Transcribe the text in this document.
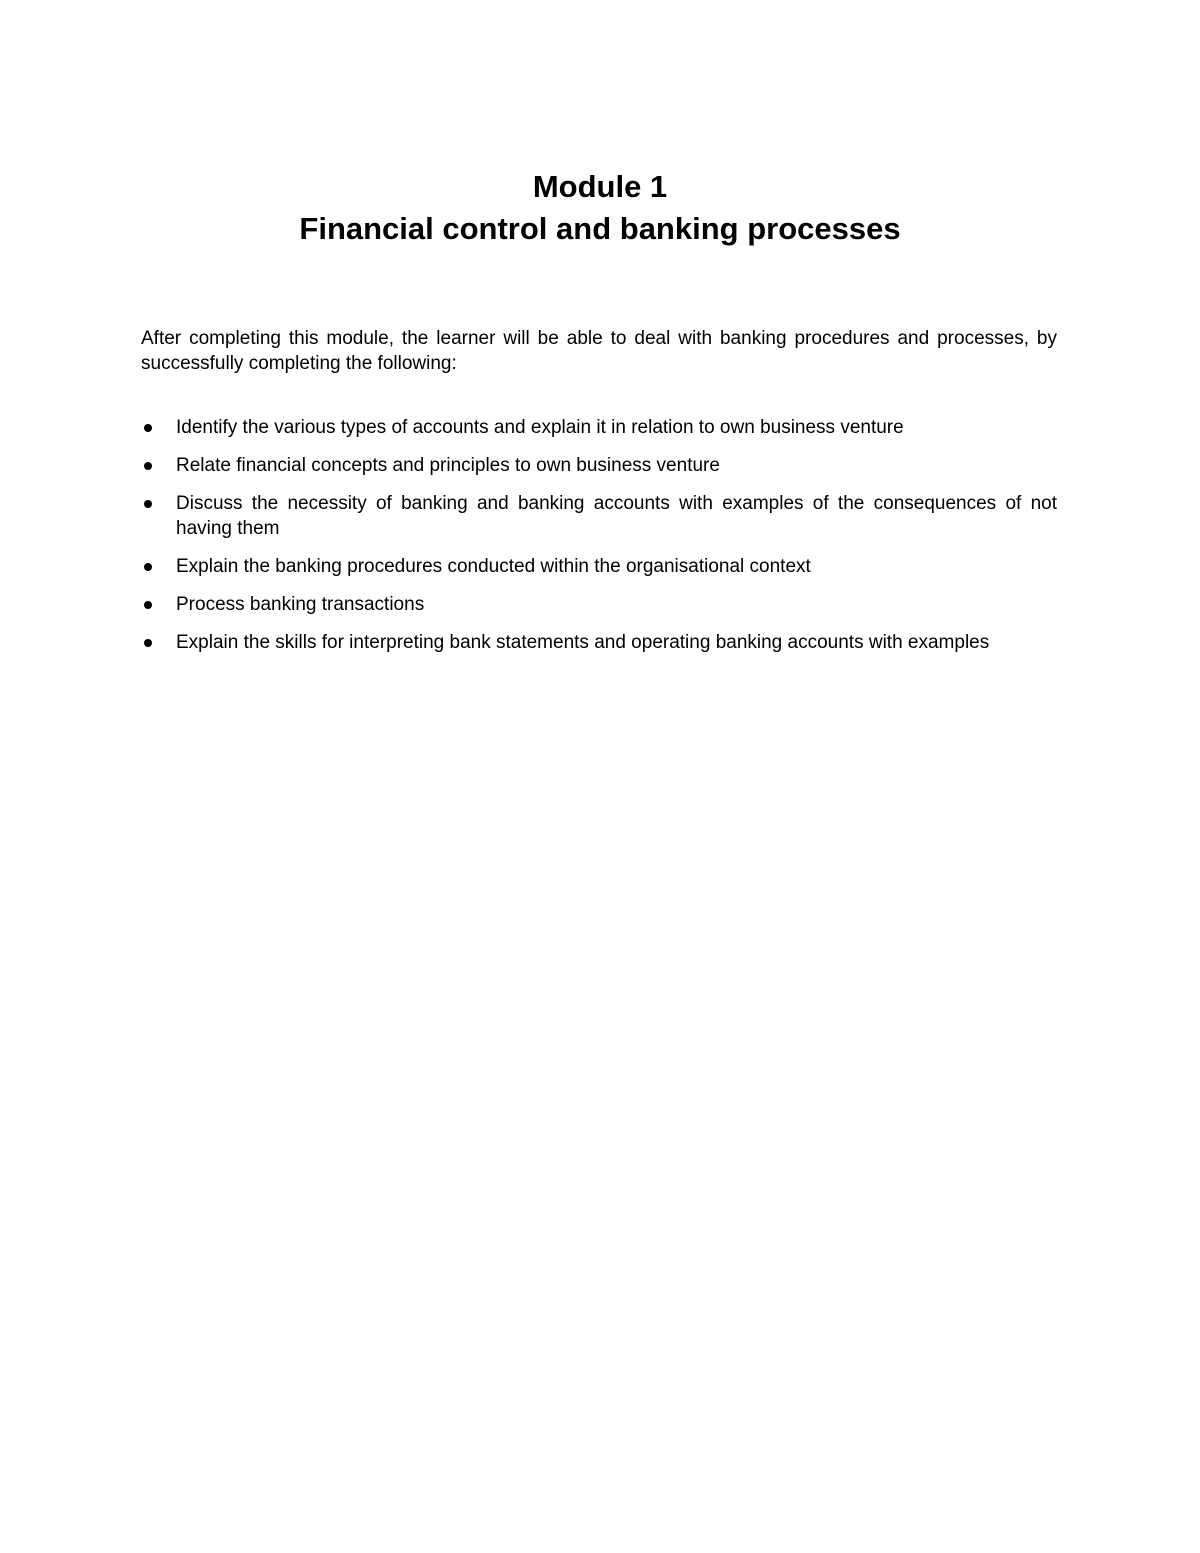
Module 1
Financial control and banking processes

After completing this module, the learner will be able to deal with banking procedures and processes, by successfully completing the following:

Identify the various types of accounts and explain it in relation to own business venture
Relate financial concepts and principles to own business venture
Discuss the necessity of banking and banking accounts with examples of the consequences of not having them
Explain the banking procedures conducted within the organisational context
Process banking transactions
Explain the skills for interpreting bank statements and operating banking accounts with examples
